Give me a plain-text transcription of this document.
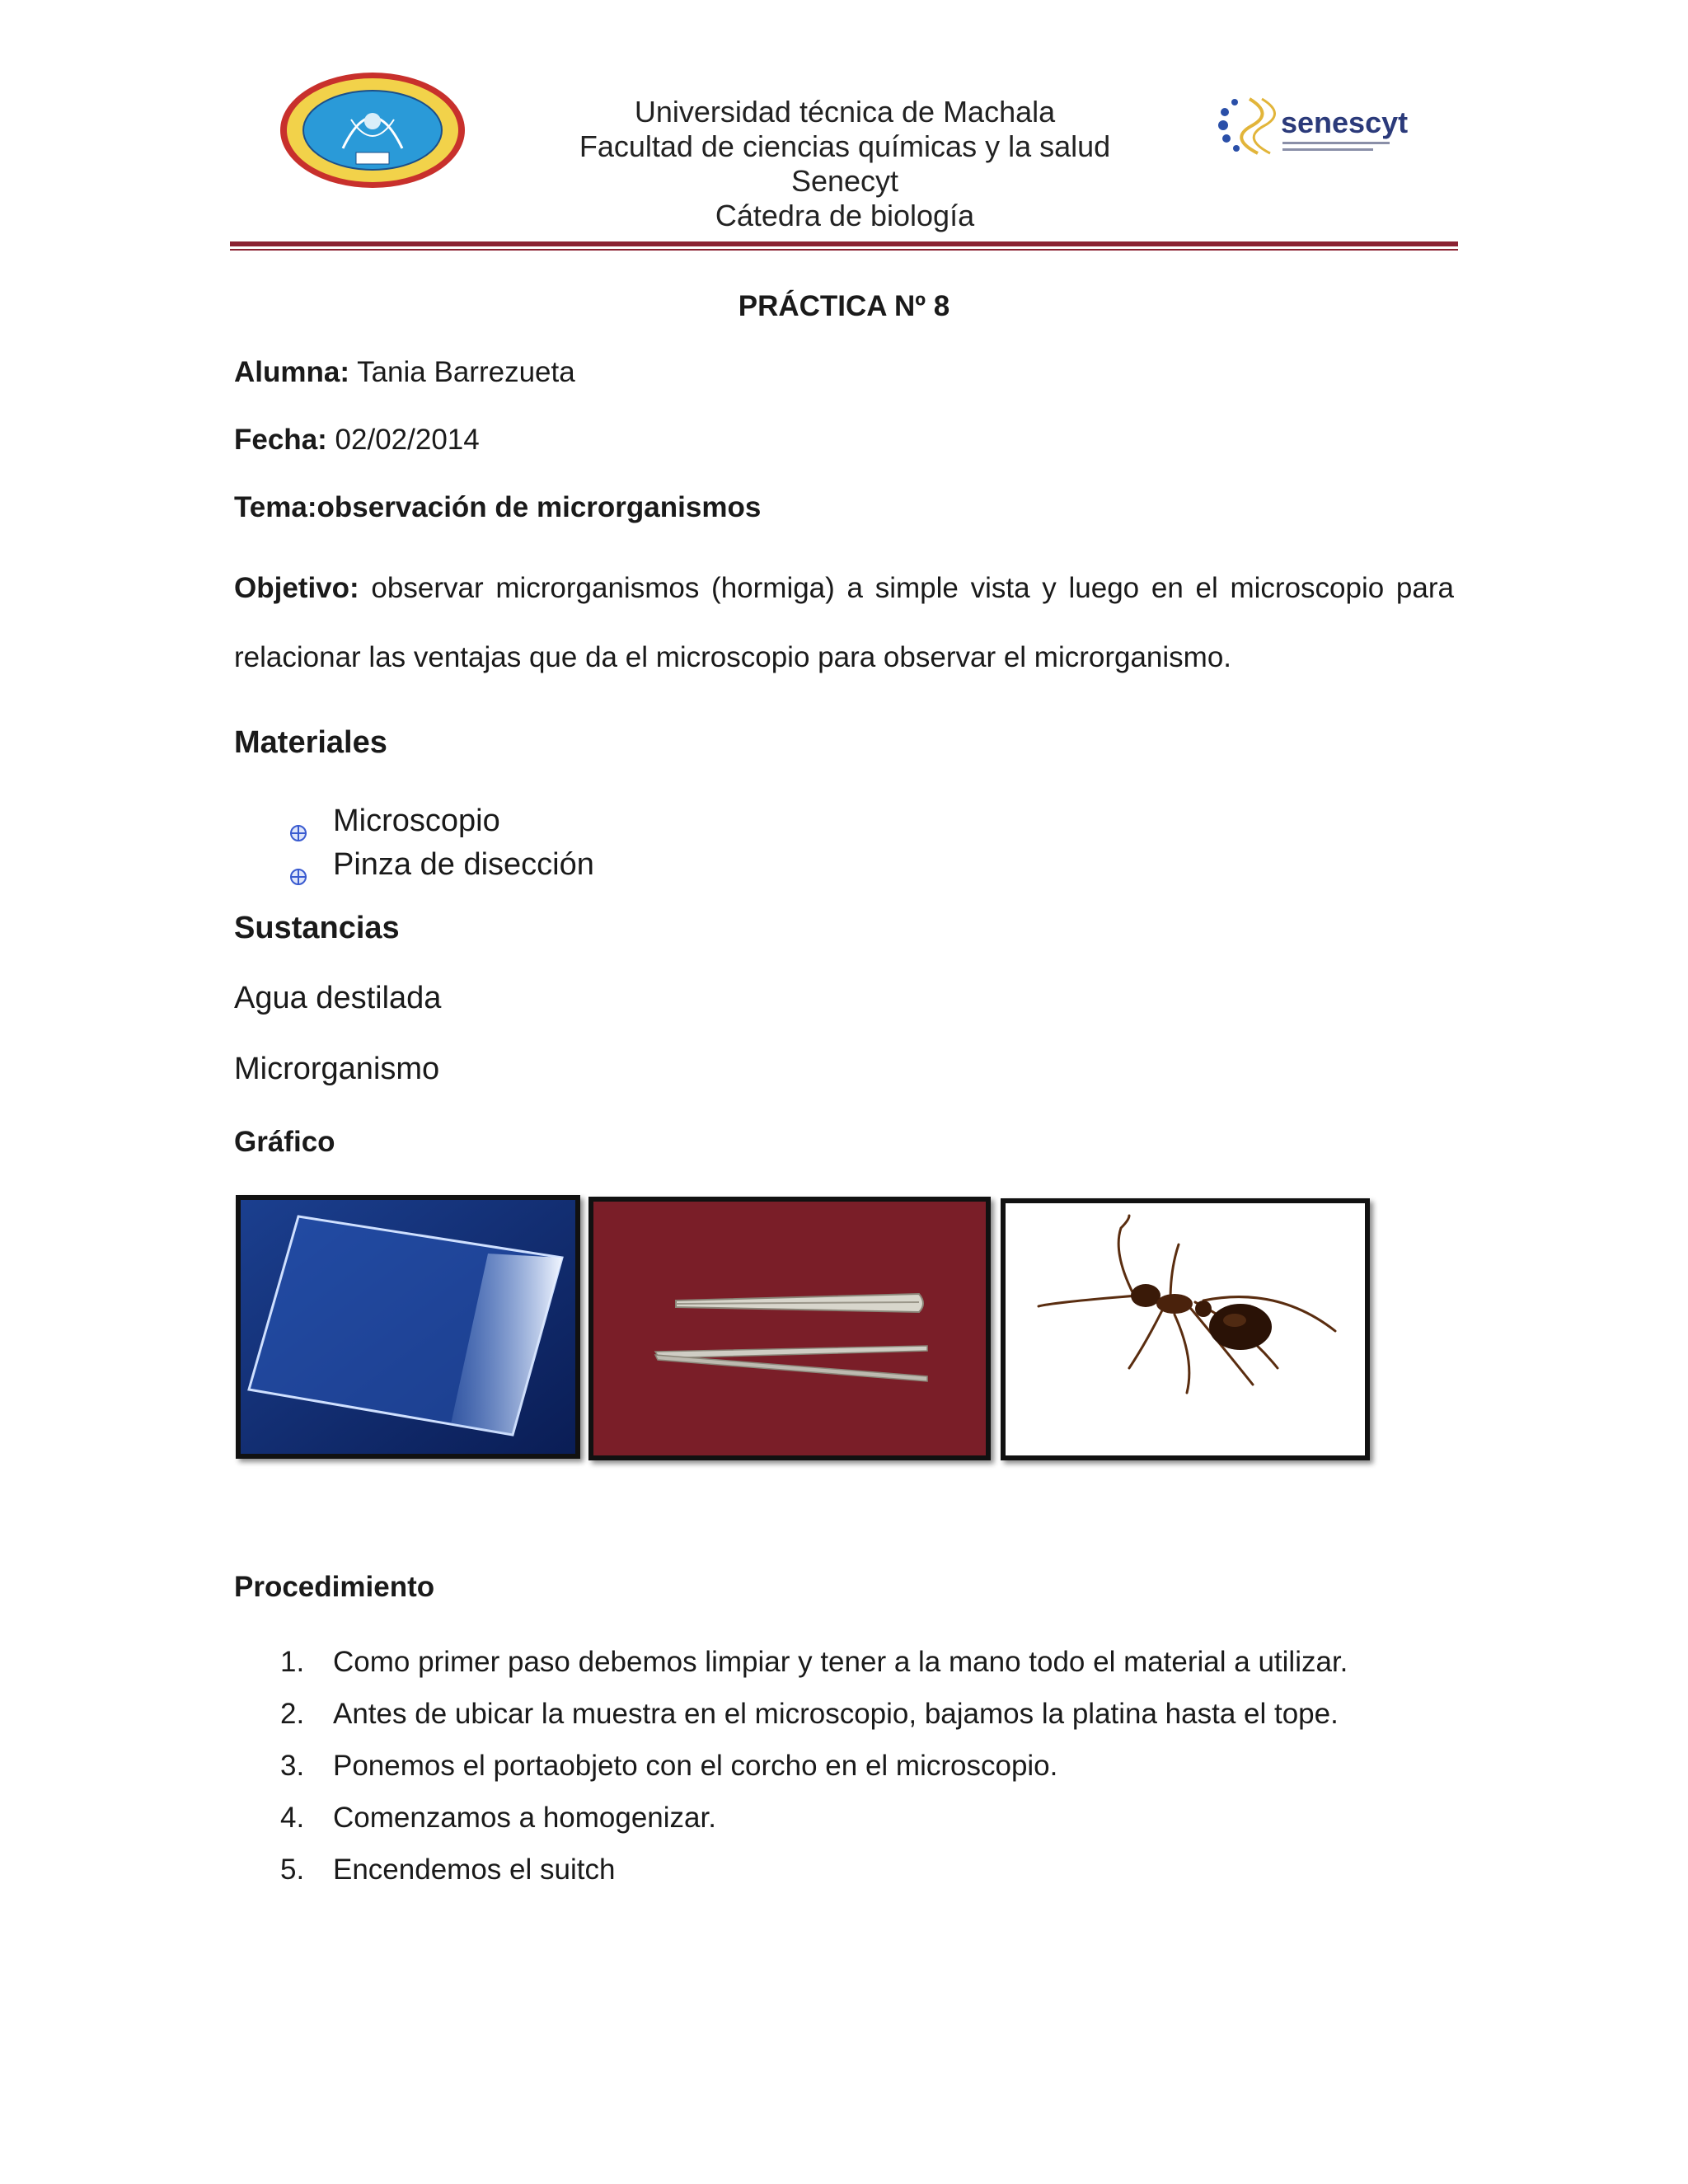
senescyt
Universidad técnica de Machala
Facultad de ciencias químicas y la salud
Senecyt
Cátedra de biología
PRÁCTICA Nº 8
Alumna: Tania Barrezueta
Fecha: 02/02/2014
Tema:observación de microrganismos
Objetivo: observar microrganismos (hormiga) a simple vista y luego en el microscopio para relacionar las ventajas que da el microscopio para observar el microrganismo.
Materiales
Microscopio
Pinza de disección
Sustancias
Agua destilada
Microrganismo
Gráfico
Procedimiento
1. Como primer paso debemos limpiar y tener a la mano todo el material a utilizar.
2. Antes de ubicar la muestra en el microscopio, bajamos la platina hasta el tope.
3. Ponemos el portaobjeto con el corcho en el microscopio.
4. Comenzamos a homogenizar.
5. Encendemos el suitch
